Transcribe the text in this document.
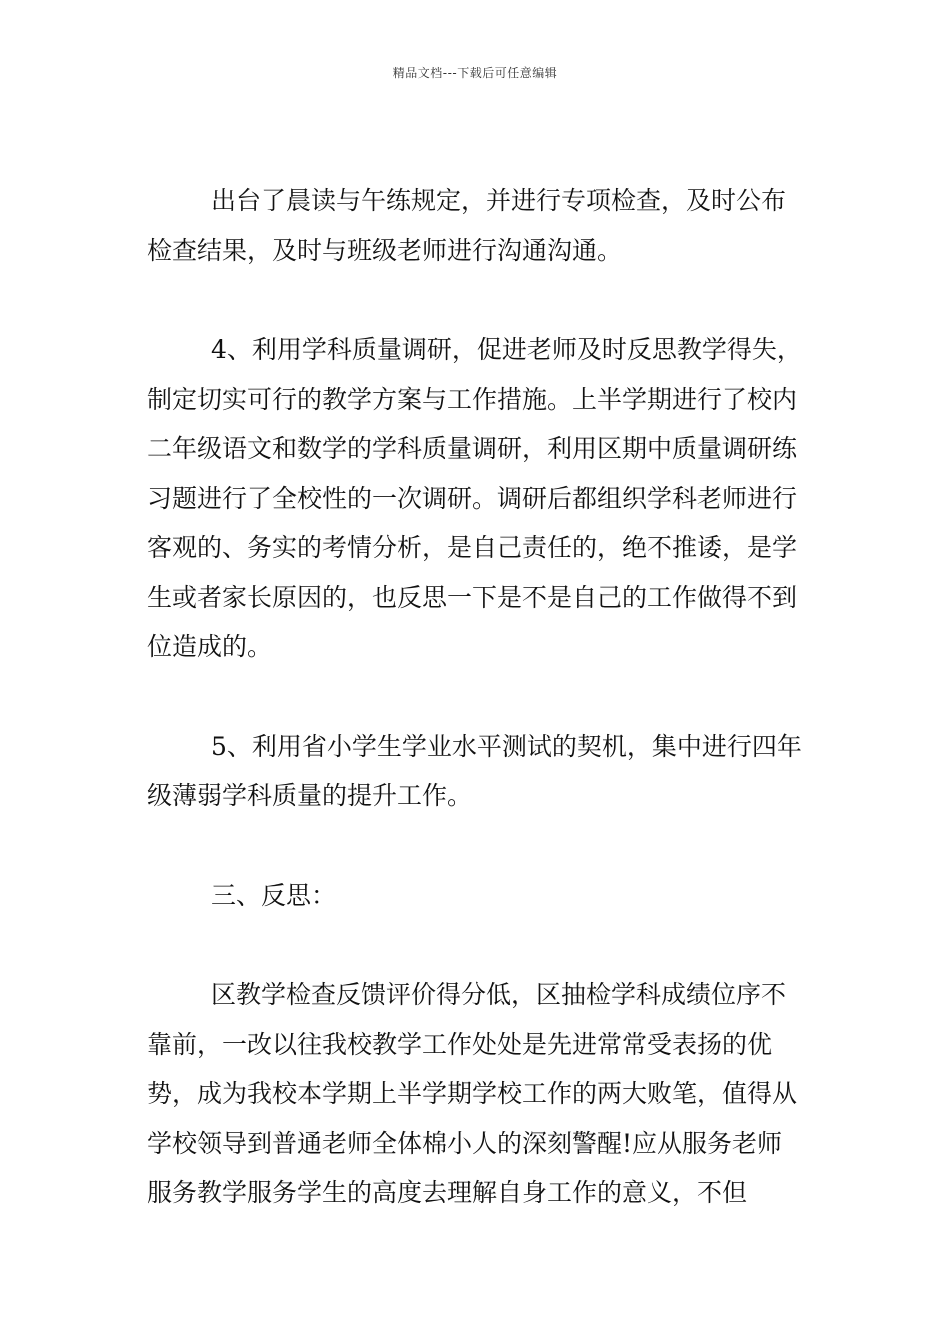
精品文档---下载后可任意编辑

出台了晨读与午练规定，并进行专项检查，及时公布检查结果，及时与班级老师进行沟通沟通。

4、利用学科质量调研，促进老师及时反思教学得失，制定切实可行的教学方案与工作措施。上半学期进行了校内二年级语文和数学的学科质量调研，利用区期中质量调研练习题进行了全校性的一次调研。调研后都组织学科老师进行客观的、务实的考情分析，是自己责任的，绝不推诿，是学生或者家长原因的，也反思一下是不是自己的工作做得不到位造成的。

5、利用省小学生学业水平测试的契机，集中进行四年级薄弱学科质量的提升工作。

三、反思：

区教学检查反馈评价得分低，区抽检学科成绩位序不靠前，一改以往我校教学工作处处是先进常常受表扬的优势，成为我校本学期上半学期学校工作的两大败笔，值得从学校领导到普通老师全体棉小人的深刻警醒!应从服务老师服务教学服务学生的高度去理解自身工作的意义，不但
